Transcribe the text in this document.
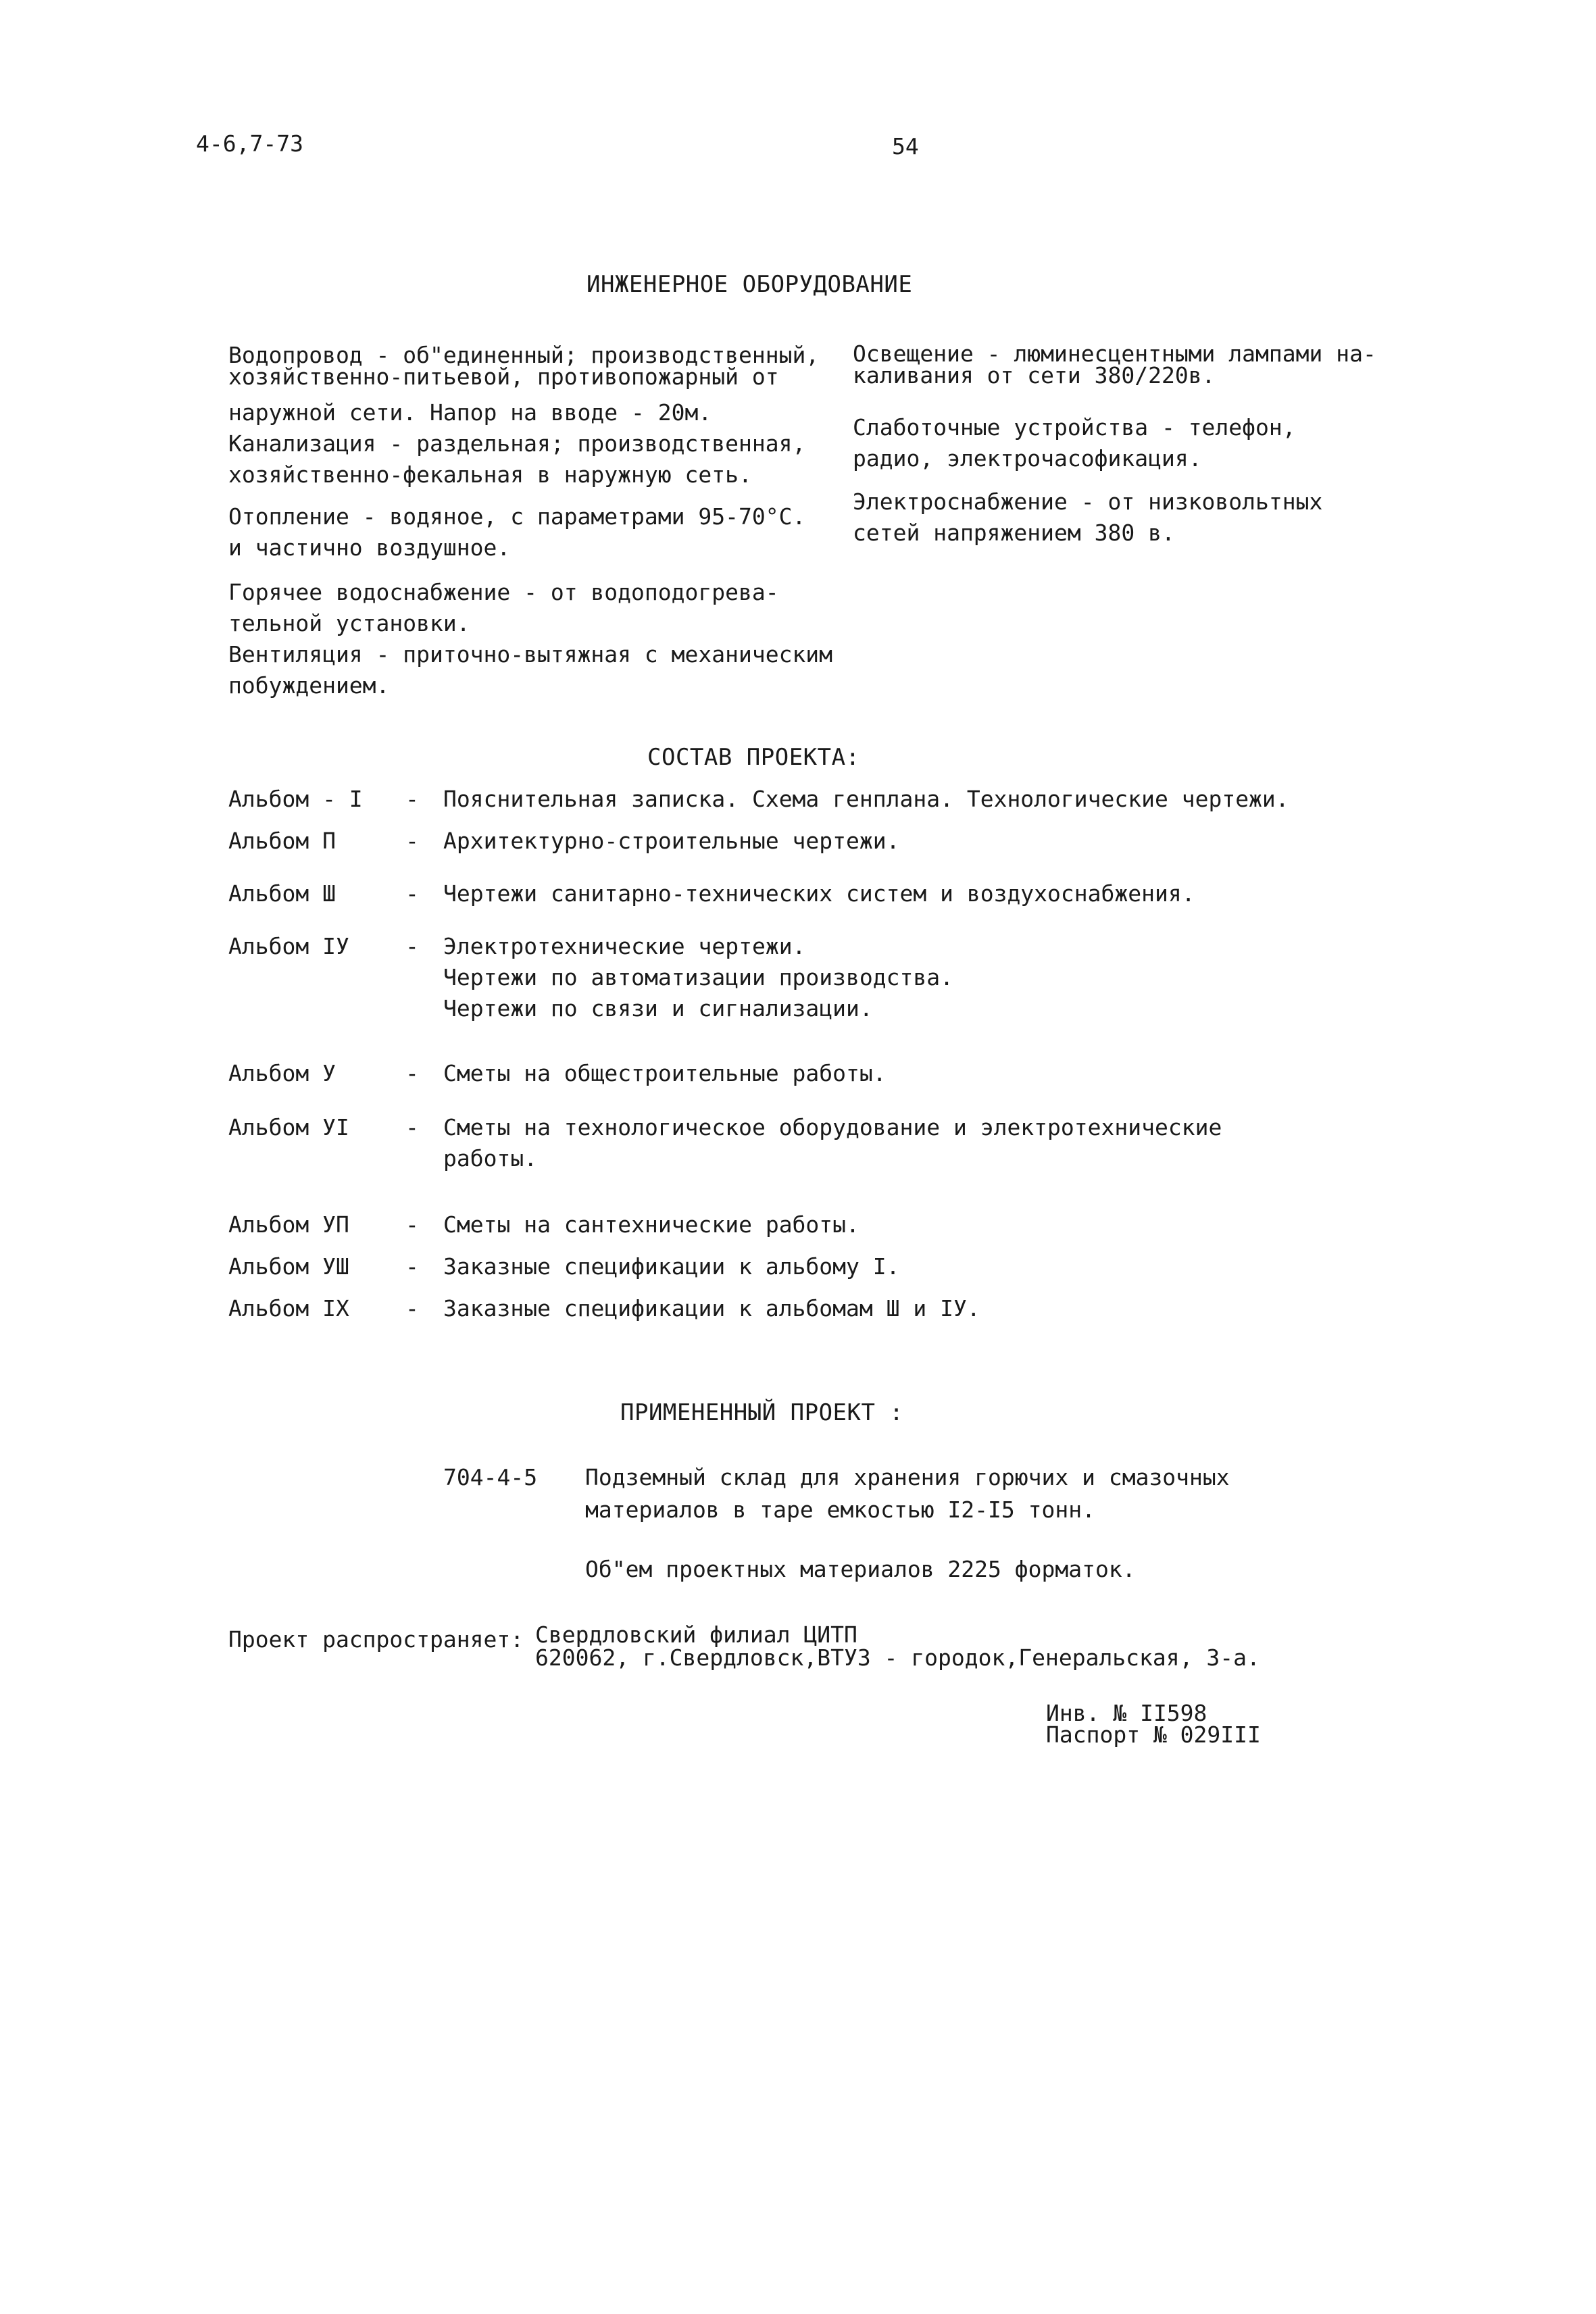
4-6,7-73	54
ИНЖЕНЕРНОЕ ОБОРУДОВАНИЕ

Водопровод - об"единенный; производственный,

хозяйственно-питьевой, противопожарный от

наружной сети. Напор на вводе - 20м.

Канализация - раздельная; производственная,

хозяйственно-фекальная в наружную сеть.

Отопление - водяное, с параметрами 95-70°С.

и частично воздушное.

Горячее водоснабжение - от водоподогрева-

тельной установки.

Вентиляция - приточно-вытяжная с механическим

побуждением.

Освещение - люминесцентными лампами на-

каливания от сети 380/220в.

Слаботочные устройства - телефон,

радио, электрочасофикация.

Электроснабжение - от низковольтных

сетей напряжением 380 в.

СОСТАВ ПРОЕКТА:
Альбом - I	- Пояснительная записка. Схема генплана. Технологические чертежи.
Альбом П	- Архитектурно-строительные чертежи.
Альбом Ш	- Чертежи санитарно-технических систем и воздухоснабжения.
Альбом IУ	- Электротехнические чертежи.
Чертежи по автоматизации производства.
Чертежи по связи и сигнализации.
Альбом У	- Сметы на общестроительные работы.
Альбом УI	- Сметы на технологическое оборудование и электротехнические
работы.
Альбом УП	- Сметы на сантехнические работы.
Альбом УШ	- Заказные спецификации к альбому I.
Альбом IX	- Заказные спецификации к альбомам Ш и IУ.
ПРИМЕНЕННЫЙ ПРОЕКТ :
704-4-5 Подземный склад для хранения горючих и смазочных
материалов в таре емкостью I2-I5 тонн.
Об"ем проектных материалов 2225 форматок.
Проект распространяет: Свердловский филиал ЦИТП
620062, г.Свердловск,ВТУЗ - городок,Генеральская, 3-а.
Инв. № II598
Паспорт № 029III
